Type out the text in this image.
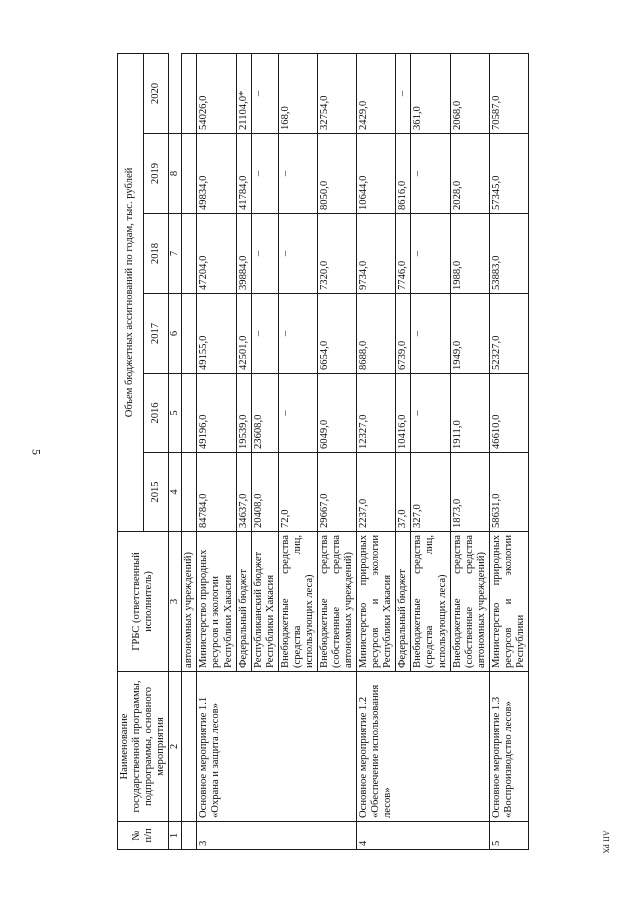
5
АП РХ
№ п/п	Наименование государственной программы, подпрограммы, основного мероприятия	ГРБС (ответственный исполнитель)	Объем бюджетных ассигнований по годам, тыс. рублей					
			2015	2016	2017	2018	2019	2020
1	2	3	4	5	6	7	8	
		автономных учреждений)						
3	Основное мероприятие 1.1 «Охрана и защита лесов»	Министерство природных ресурсов и экологии Республики Хакасия	84784,0	49196,0	49155,0	47204,0	49834,0	54026,0
		Федеральный бюджет	34637,0	19539,0	42501,0	39884,0	41784,0	21104,0*
		Республиканский бюджет Республики Хакасия	20408,0	23608,0	–	–	–	–
		Внебюджетные средства (средства лиц, использующих леса)	72,0	–	–	–	–	168,0
		Внебюджетные средства (собственные средства автономных учреждений)	29667,0	6049,0	6654,0	7320,0	8050,0	32754,0
4	Основное мероприятие 1.2 «Обеспечение использования лесов»	Министерство природных ресурсов и экологии Республики Хакасия	2237,0	12327,0	8688,0	9734,0	10644,0	2429,0
		Федеральный бюджет	37,0	10416,0	6739,0	7746,0	8616,0	–
		Внебюджетные средства (средства лиц, использующих леса)	327,0	–	–	–	–	361,0
		Внебюджетные средства (собственные средства автономных учреждений)	1873,0	1911,0	1949,0	1988,0	2028,0	2068,0
5	Основное мероприятие 1.3 «Воспроизводство лесов»	Министерство природных ресурсов и экологии Республики	58631,0	46610,0	52327,0	53883,0	57345,0	70587,0
